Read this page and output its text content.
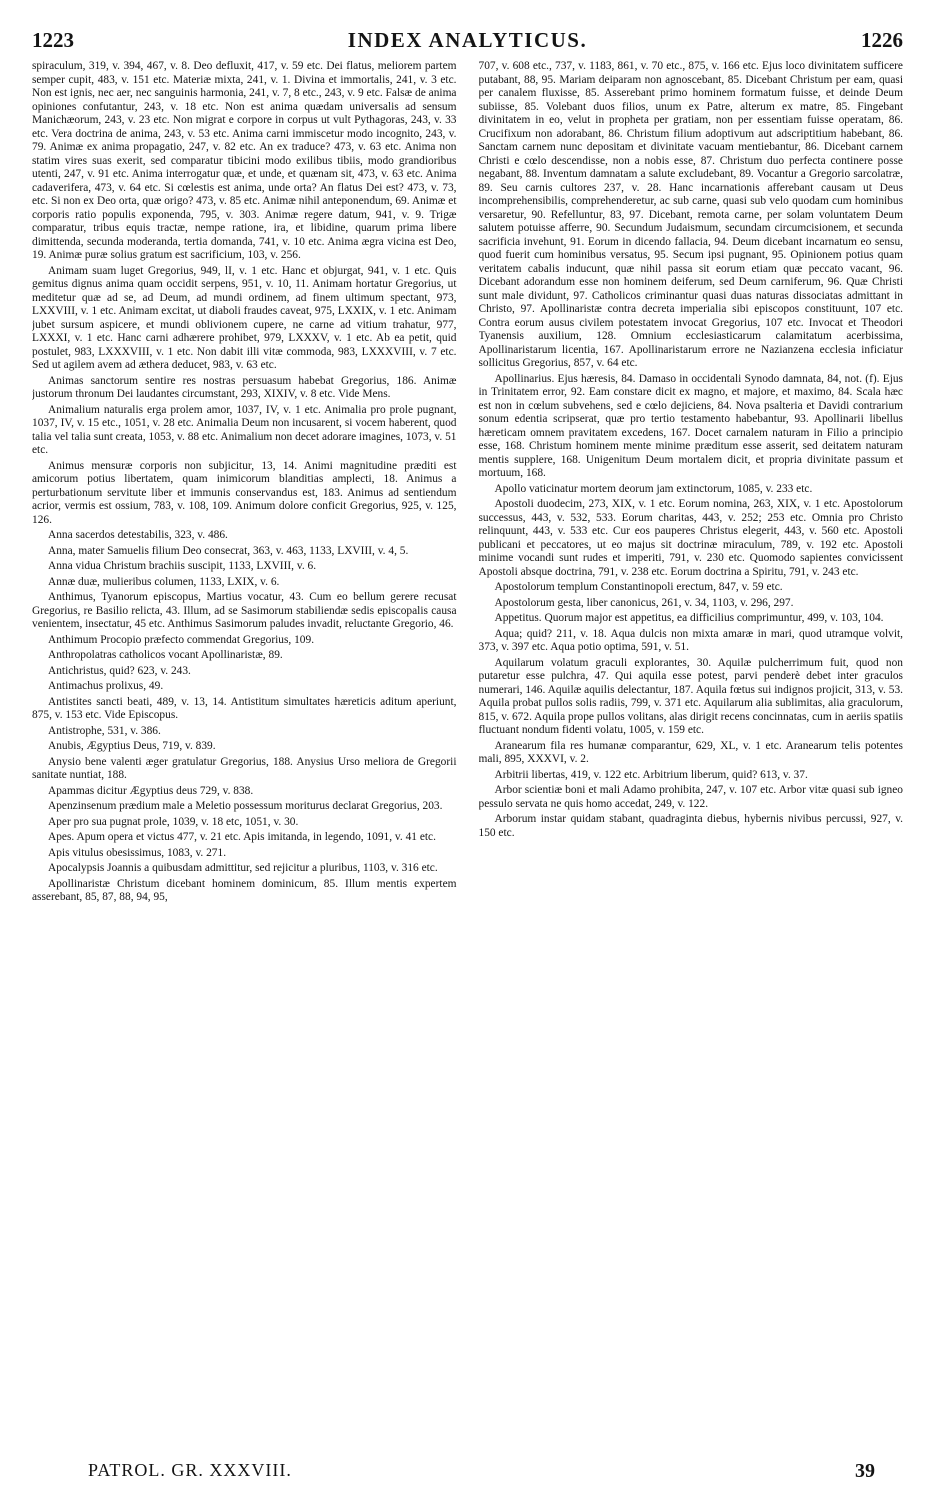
1223	INDEX ANALYTICUS.	1226

spiraculum, 319, v. 394, 467, v. 8. Deo defluxit, 417, v. 59 etc. Dei flatus, meliorem partem semper cupit, 483, v. 151 etc. Materiæ mixta, 241, v. 1. Divina et immortalis, 241, v. 3 etc. Non est ignis, nec aer, nec sanguinis harmonia, 241, v. 7, 8 etc., 243, v. 9 etc. Falsæ de anima opiniones confutantur, 243, v. 18 etc. Non est anima quædam universalis ad sensum Manichæorum, 243, v. 23 etc. Non migrat e corpore in corpus ut vult Pythagoras, 243, v. 33 etc. Vera doctrina de anima, 243, v. 53 etc. Anima carni immiscetur modo incognito, 243, v. 79. Animæ ex anima propagatio, 247, v. 82 etc. An ex traduce? 473, v. 63 etc. Anima non statim vires suas exerit, sed comparatur tibicini modo exilibus tibiis, modo grandioribus utenti, 247, v. 91 etc. Anima interrogatur quæ, et unde, et quænam sit, 473, v. 63 etc. Anima cadaverifera, 473, v. 64 etc. Si cœlestis est anima, unde orta? An flatus Dei est? 473, v. 73, etc. Si non ex Deo orta, quæ origo? 473, v. 85 etc. Animæ nihil anteponendum, 69. Animæ et corporis ratio populis exponenda, 795, v. 303. Animæ regere datum, 941, v. 9. Trigæ comparatur, tribus equis tractæ, nempe ratione, ira, et libidine, quarum prima libere dimittenda, secunda moderanda, tertia domanda, 741, v. 10 etc. Anima ægra vicina est Deo, 19. Animæ puræ solius gratum est sacrificium, 103, v. 256.

Animam suam luget Gregorius, 949, lI, v. 1 etc. Hanc et objurgat, 941, v. 1 etc. Quis gemitus dignus anima quam occidit serpens, 951, v. 10, 11. Animam hortatur Gregorius, ut meditetur quæ ad se, ad Deum, ad mundi ordinem, ad finem ultimum spectant, 973, LXXVIII, v. 1 etc. Animam excitat, ut diaboli fraudes caveat, 975, LXXIX, v. 1 etc. Animam jubet sursum aspicere, et mundi oblivionem cupere, ne carne ad vitium trahatur, 977, LXXXI, v. 1 etc. Hanc carni adhærere prohibet, 979, LXXXV, v. 1 etc. Ab ea petit, quid postulet, 983, LXXXVIII, v. 1 etc. Non dabit illi vitæ commoda, 983, LXXXVIII, v. 7 etc. Sed ut agilem avem ad æthera deducet, 983, v. 63 etc.

Animas sanctorum sentire res nostras persuasum habebat Gregorius, 186. Animæ justorum thronum Dei laudantes circumstant, 293, XIXIV, v. 8 etc. Vide Mens.

Animalium naturalis erga prolem amor, 1037, IV, v. 1 etc. Animalia pro prole pugnant, 1037, IV, v. 15 etc., 1051, v. 28 etc. Animalia Deum non incusarent, si vocem haberent, quod talia vel talia sunt creata, 1053, v. 88 etc. Animalium non decet adorare imagines, 1073, v. 51 etc.

Animus mensuræ corporis non subjicitur, 13, 14. Animi magnitudine præditi est amicorum potius libertatem, quam inimicorum blanditias amplecti, 18. Animus a perturbationum servitute liber et immunis conservandus est, 183. Animus ad sentiendum acrior, vermis est ossium, 783, v. 108, 109. Animum dolore conficit Gregorius, 925, v. 125, 126.

Anna sacerdos detestabilis, 323, v. 486.

Anna, mater Samuelis filium Deo consecrat, 363, v. 463, 1133, LXVIII, v. 4, 5.

Anna vidua Christum brachiis suscipit, 1133, LXVIII, v. 6.

Annæ duæ, mulieribus columen, 1133, LXIX, v. 6.

Anthimus, Tyanorum episcopus, Martius vocatur, 43. Cum eo bellum gerere recusat Gregorius, re Basilio relicta, 43. Illum, ad se Sasimorum stabiliendæ sedis episcopalis causa venientem, insectatur, 45 etc. Anthimus Sasimorum paludes invadit, reluctante Gregorio, 46.

Anthimum Procopio præfecto commendat Gregorius, 109.

Anthropolatras catholicos vocant Apollinaristæ, 89.

Antichristus, quid? 623, v. 243.

Antimachus prolixus, 49.

Antistites sancti beati, 489, v. 13, 14. Antistitum simultates hæreticis aditum aperiunt, 875, v. 153 etc. Vide Episcopus.

Antistrophe, 531, v. 386.

Anubis, Ægyptius Deus, 719, v. 839.

Anysio bene valenti æger gratulatur Gregorius, 188. Anysius Urso meliora de Gregorii sanitate nuntiat, 188.

Apammas dicitur Ægyptius deus 729, v. 838.

Apenzinsenum prædium male a Meletio possessum moriturus declarat Gregorius, 203.

Aper pro sua pugnat prole, 1039, v. 18 etc, 1051, v. 30.

Apes. Apum opera et victus 477, v. 21 etc. Apis imitanda, in legendo, 1091, v. 41 etc.

Apis vitulus obesissimus, 1083, v. 271.

Apocalypsis Joannis a quibusdam admittitur, sed rejicitur a pluribus, 1103, v. 316 etc.

Apollinaristæ Christum dicebant hominem dominicum, 85. Illum mentis expertem asserebant, 85, 87, 88, 94, 95,

707, v. 608 etc., 737, v. 1183, 861, v. 70 etc., 875, v. 166 etc. Ejus loco divinitatem sufficere putabant, 88, 95. Mariam deiparam non agnoscebant, 85. Dicebant Christum per eam, quasi per canalem fluxisse, 85. Asserebant primo hominem formatum fuisse, et deinde Deum subiisse, 85. Volebant duos filios, unum ex Patre, alterum ex matre, 85. Fingebant divinitatem in eo, velut in propheta per gratiam, non per essentiam fuisse operatam, 86. Crucifixum non adorabant, 86. Christum filium adoptivum aut adscriptitium habebant, 86. Sanctam carnem nunc depositam et divinitate vacuam mentiebantur, 86. Dicebant carnem Christi e cœlo descendisse, non a nobis esse, 87. Christum duo perfecta continere posse negabant, 88. Inventum damnatam a salute excludebant, 89. Vocantur a Gregorio sarcolatræ, 89. Seu carnis cultores 237, v. 28. Hanc incarnationis afferebant causam ut Deus incomprehensibilis, comprehenderetur, ac sub carne, quasi sub velo quodam cum hominibus versaretur, 90. Refelluntur, 83, 97. Dicebant, remota carne, per solam voluntatem Deum salutem potuisse afferre, 90. Secundum Judaismum, secundam circumcisionem, et secunda sacrificia invehunt, 91. Eorum in dicendo fallacia, 94. Deum dicebant incarnatum eo sensu, quod fuerit cum hominibus versatus, 95. Secum ipsi pugnant, 95. Opinionem potius quam veritatem cabalis inducunt, quæ nihil passa sit eorum etiam quæ peccato vacant, 96. Dicebant adorandum esse non hominem deiferum, sed Deum carniferum, 96. Quæ Christi sunt male dividunt, 97. Catholicos criminantur quasi duas naturas dissociatas admittant in Christo, 97. Apollinaristæ contra decreta imperialia sibi episcopos constituunt, 107 etc. Contra eorum ausus civilem potestatem invocat Gregorius, 107 etc. Invocat et Theodori Tyanensis auxilium, 128. Omnium ecclesiasticarum calamitatum acerbissima, Apollinaristarum licentia, 167. Apollinaristarum errore ne Nazianzena ecclesia inficiatur sollicitus Gregorius, 857, v. 64 etc.

Apollinarius. Ejus hæresis, 84. Damaso in occidentali Synodo damnata, 84, not. (f). Ejus in Trinitatem error, 92. Eam constare dicit ex magno, et majore, et maximo, 84. Scala hæc est non in cœlum subvehens, sed e cœlo dejiciens, 84. Nova psalteria et Davidi contrarium sonum edentia scripserat, quæ pro tertio testamento habebantur, 93. Apollinarii libellus hæreticam omnem pravitatem excedens, 167. Docet carnalem naturam in Filio a principio esse, 168. Christum hominem mente minime præditum esse asserit, sed deitatem naturam mentis supplere, 168. Unigenitum Deum mortalem dicit, et propria divinitate passum et mortuum, 168.

Apollo vaticinatur mortem deorum jam extinctorum, 1085, v. 233 etc.

Apostoli duodecim, 273, XIX, v. 1 etc. Eorum nomina, 263, XIX, v. 1 etc. Apostolorum successus, 443, v. 532, 533. Eorum charitas, 443, v. 252; 253 etc. Omnia pro Christo relinquunt, 443, v. 533 etc. Cur eos pauperes Christus elegerit, 443, v. 560 etc. Apostoli publicani et peccatores, ut eo majus sit doctrinæ miraculum, 789, v. 192 etc. Apostoli minime vocandi sunt rudes et imperiti, 791, v. 230 etc. Quomodo sapientes convicissent Apostoli absque doctrina, 791, v. 238 etc. Eorum doctrina a Spiritu, 791, v. 243 etc.

Apostolorum templum Constantinopoli erectum, 847, v. 59 etc.

Apostolorum gesta, liber canonicus, 261, v. 34, 1103, v. 296, 297.

Appetitus. Quorum major est appetitus, ea difficilius comprimuntur, 499, v. 103, 104.

Aqua; quid? 211, v. 18. Aqua dulcis non mixta amaræ in mari, quod utramque volvit, 373, v. 397 etc. Aqua potio optima, 591, v. 51.

Aquilarum volatum graculi explorantes, 30. Aquilæ pulcherrimum fuit, quod non putaretur esse pulchra, 47. Qui aquila esse potest, parvi penderè debet inter graculos numerari, 146. Aquilæ aquilis delectantur, 187. Aquila fœtus sui indignos projicit, 313, v. 53. Aquila probat pullos solis radiis, 799, v. 371 etc. Aquilarum alia sublimitas, alia graculorum, 815, v. 672. Aquila prope pullos volitans, alas dirigit recens concinnatas, cum in aeriis spatiis fluctuant nondum fidenti volatu, 1005, v. 159 etc.

Aranearum fila res humanæ comparantur, 629, XL, v. 1 etc. Aranearum telis potentes mali, 895, XXXVI, v. 2.

Arbitrii libertas, 419, v. 122 etc. Arbitrium liberum, quid? 613, v. 37.

Arbor scientiæ boni et mali Adamo prohibita, 247, v. 107 etc. Arbor vitæ quasi sub igneo pessulo servata ne quis homo accedat, 249, v. 122.

Arborum instar quidam stabant, quadraginta diebus, hybernis nivibus percussi, 927, v. 150 etc.

PATROL. GR. XXXVIII.	39
